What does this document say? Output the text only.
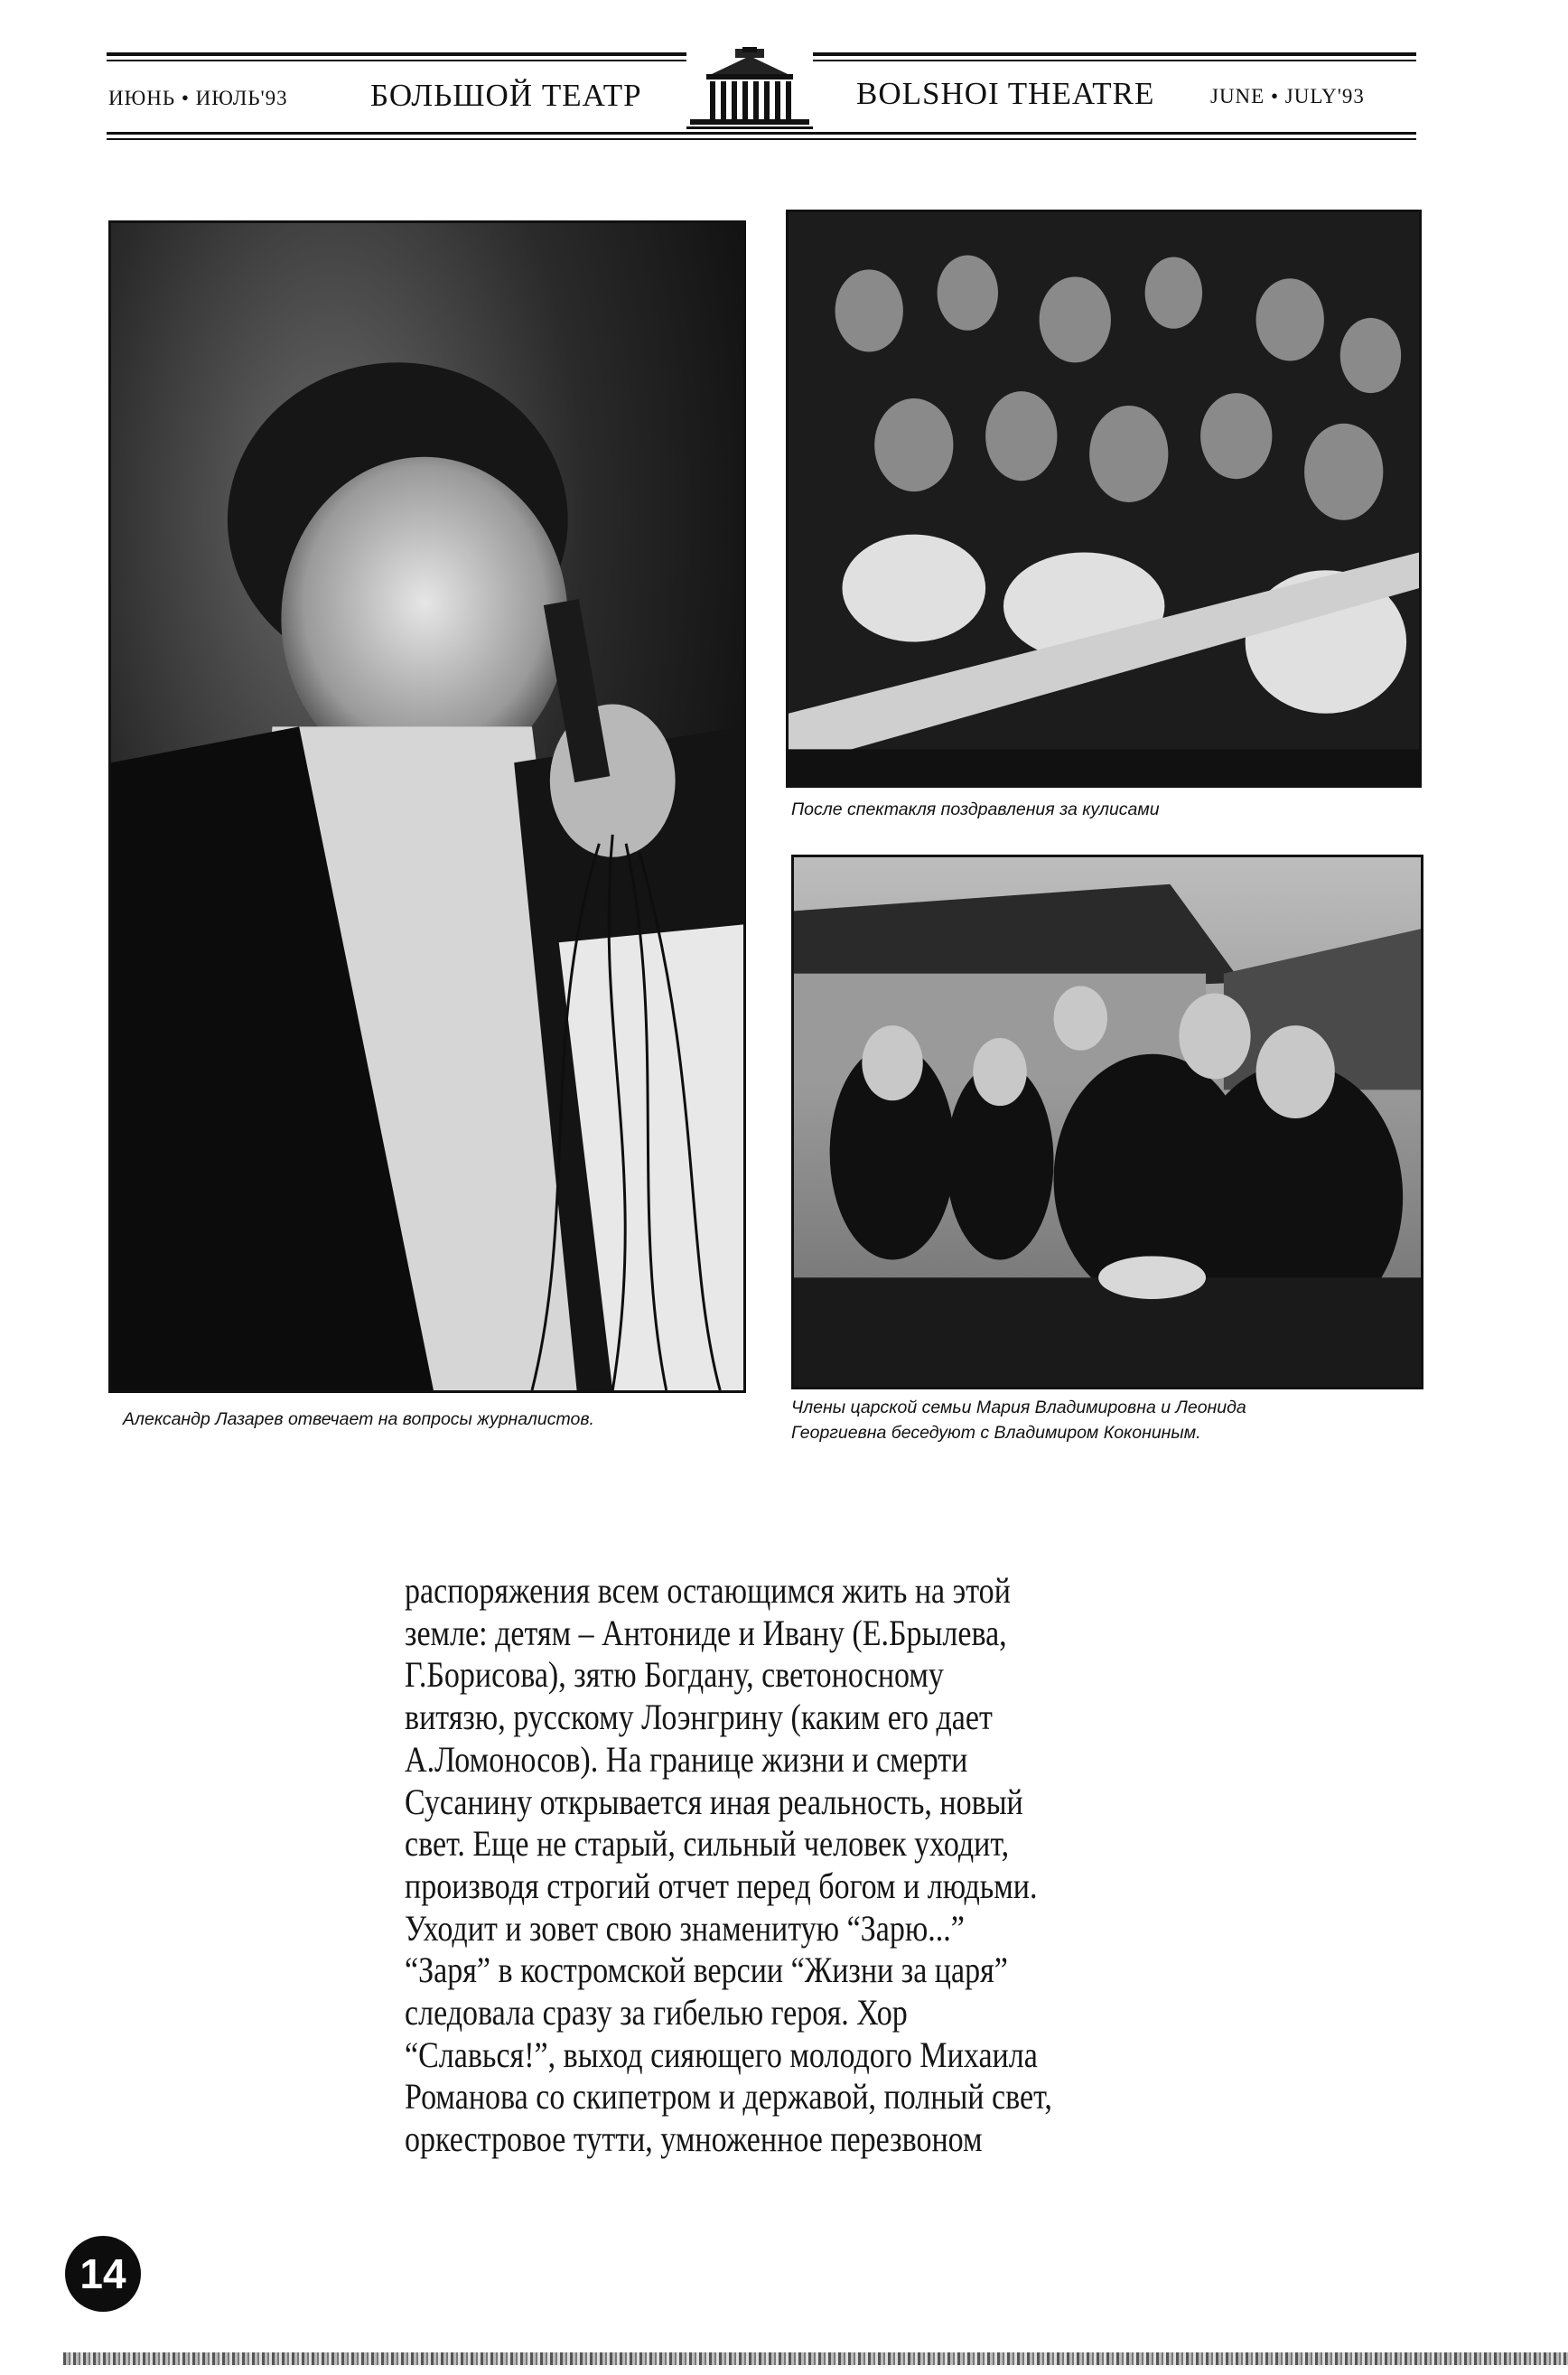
ИЮНЬ • ИЮЛЬ'93	БОЛЬШОЙ ТЕАТР	BOLSHOI THEATRE	JUNE • JULY'93
После спектакля поздравления за кулисами
Александр Лазарев отвечает на вопросы журналистов.
Члены царской семьи Мария Владимировна и Леонида
Георгиевна беседуют с Владимиром Кокониным.
распоряжения всем остающимся жить на этой
земле: детям – Антониде и Ивану (Е.Брылева,
Г.Борисова), зятю Богдану, светоносному
витязю, русскому Лоэнгрину (каким его дает
А.Ломоносов). На границе жизни и смерти
Сусанину открывается иная реальность, новый
свет. Еще не старый, сильный человек уходит,
производя строгий отчет перед богом и людьми.
Уходит и зовет свою знаменитую “Зарю...”
“Заря” в костромской версии “Жизни за царя”
следовала сразу за гибелью героя. Хор
“Славься!”, выход сияющего молодого Михаила
Романова со скипетром и державой, полный свет,
оркестровое тутти, умноженное перезвоном
14
